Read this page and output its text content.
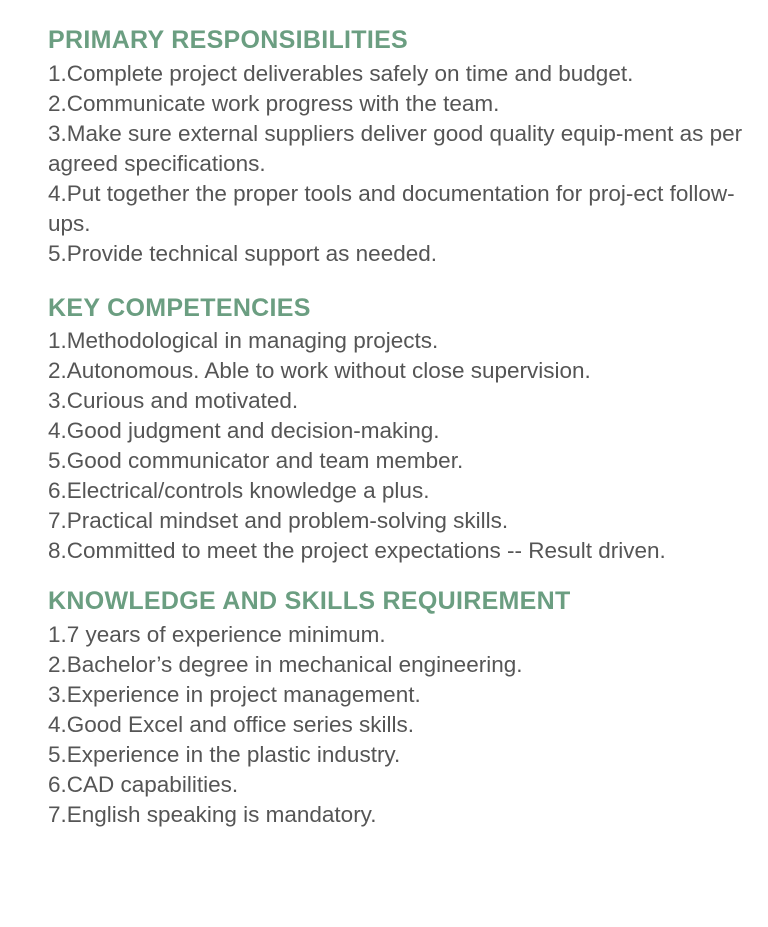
PRIMARY RESPONSIBILITIES
1.Complete project deliverables safely on time and budget.
2.Communicate work progress with the team.
3.Make sure external suppliers deliver good quality equip-ment as per agreed specifications.
4.Put together the proper tools and documentation for proj-ect follow-ups.
5.Provide technical support as needed.
KEY COMPETENCIES
1.Methodological in managing projects.
2.Autonomous. Able to work without close supervision.
3.Curious and motivated.
4.Good judgment and decision-making.
5.Good communicator and team member.
6.Electrical/controls knowledge a plus.
7.Practical mindset and problem-solving skills.
8.Committed to meet the project expectations -- Result driven.
KNOWLEDGE AND SKILLS REQUIREMENT
1.7 years of experience minimum.
2.Bachelor’s degree in mechanical engineering.
3.Experience in project management.
4.Good Excel and office series skills.
5.Experience in the plastic industry.
6.CAD capabilities.
7.English speaking is mandatory.
